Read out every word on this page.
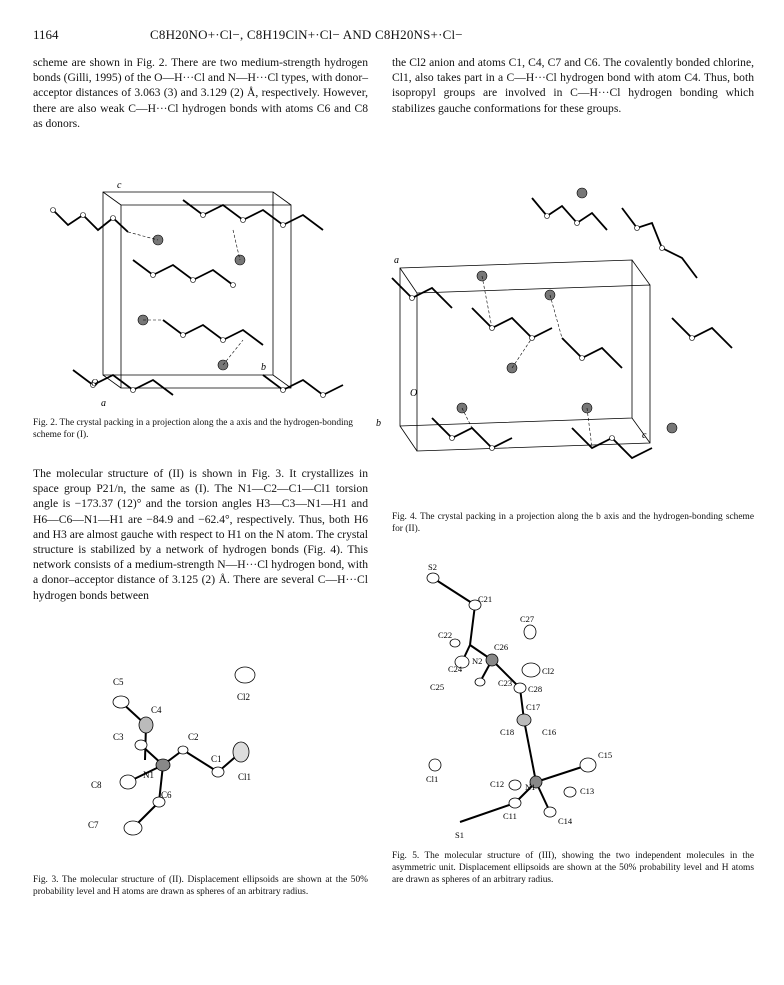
1164	C8H20NO+·Cl−, C8H19ClN+·Cl− AND C8H20NS+·Cl−

scheme are shown in Fig. 2. There are two medium-strength hydrogen bonds (Gilli, 1995) of the O—H···Cl and N—H···Cl types, with donor–acceptor distances of 3.063 (3) and 3.129 (2) Å, respectively. However, there are also weak C—H···Cl hydrogen bonds with atoms C6 and C8 as donors.

the Cl2 anion and atoms C1, C4, C7 and C6. The covalently bonded chlorine, Cl1, also takes part in a C—H···Cl hydrogen bond with atom C4. Thus, both isopropyl groups are involved in C—H···Cl hydrogen bonding which stabilizes gauche conformations for these groups.

c
b
a
O
Fig. 2. The crystal packing in a projection along the a axis and the hydrogen-bonding scheme for (I).
a
c
b
O
Fig. 4. The crystal packing in a projection along the b axis and the hydrogen-bonding scheme for (II).

The molecular structure of (II) is shown in Fig. 3. It crystallizes in space group P21/n, the same as (I). The N1—C2—C1—Cl1 torsion angle is −173.37 (12)° and the torsion angles H3—C3—N1—H1 and H6—C6—N1—H1 are −84.9 and −62.4°, respectively. Thus, both H6 and H3 are almost gauche with respect to H1 on the N atom. The crystal structure is stabilized by a network of hydrogen bonds (Fig. 4). This network consists of a medium-strength N—H···Cl hydrogen bond, with a donor–acceptor distance of 3.125 (2) Å. There are several C—H···Cl hydrogen bonds between

Cl2
C5
C4
C3	C2
C1
Cl1
C8
N1
C6
C7
Fig. 3. The molecular structure of (II). Displacement ellipsoids are shown at the 50% probability level and H atoms are drawn as spheres of an arbitrary radius.
S2
C21
C27
C22
C26
N2
Cl2
C24
C23
C25	C28
C17
C18	C16
C15
Cl1	C12 N1	C13
C11	C14
S1
Fig. 5. The molecular structure of (III), showing the two independent molecules in the asymmetric unit. Displacement ellipsoids are shown at the 50% probability level and H atoms are drawn as spheres of an arbitrary radius.
